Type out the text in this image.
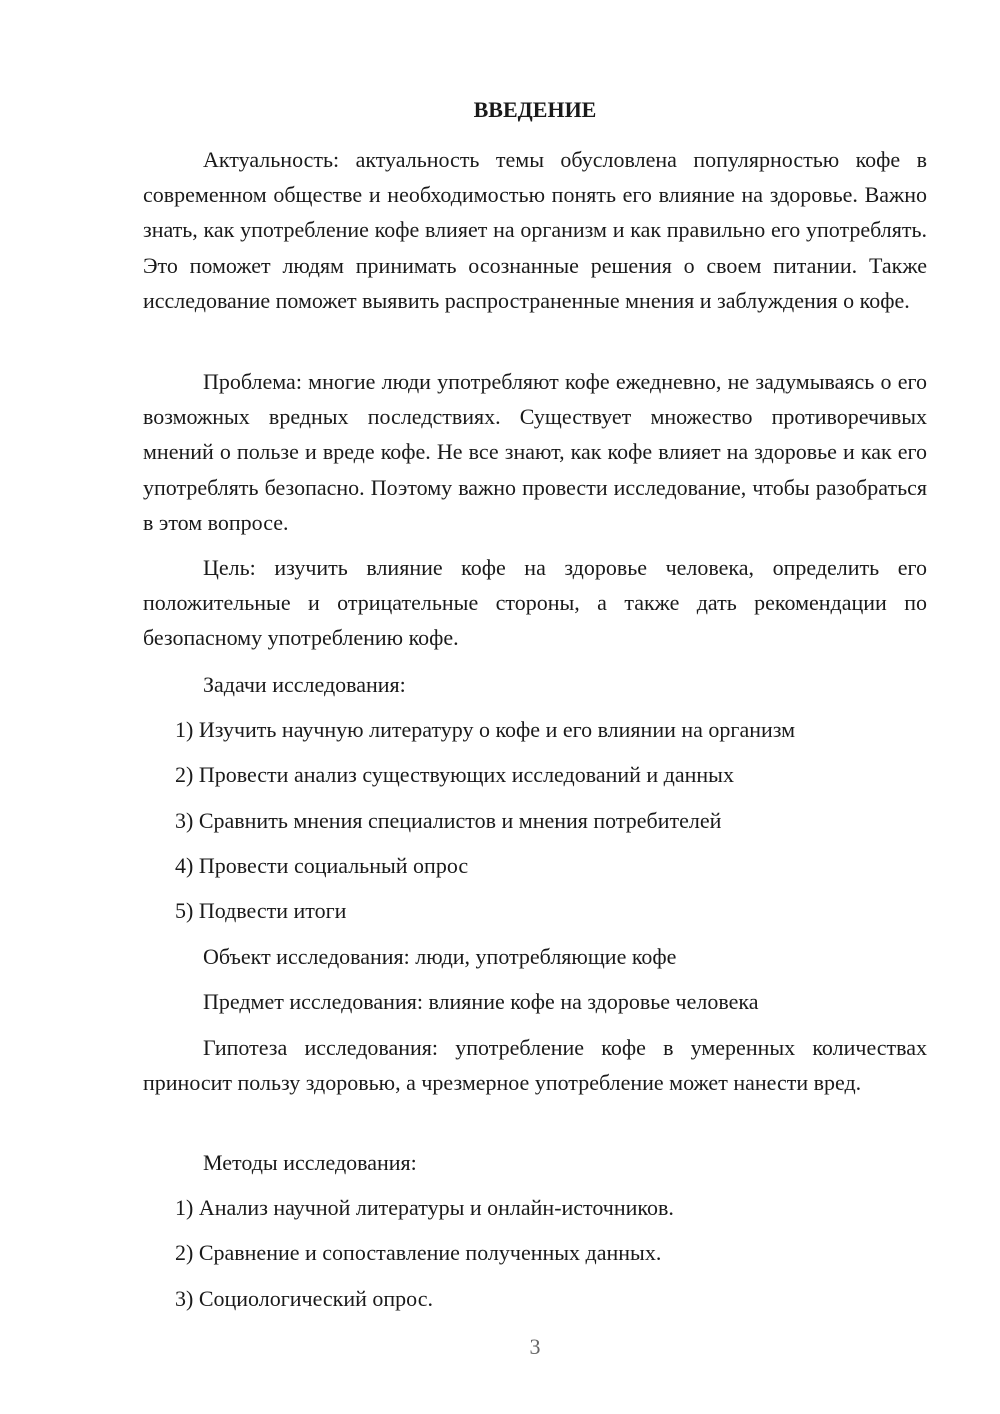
ВВЕДЕНИЕ

Актуальность: актуальность темы обусловлена популярностью кофе в современном обществе и необходимостью понять его влияние на здоровье. Важно знать, как употребление кофе влияет на организм и как правильно его употреблять. Это поможет людям принимать осознанные решения о своем питании. Также исследование поможет выявить распространенные мнения и заблуждения о кофе.

Проблема: многие люди употребляют кофе ежедневно, не задумываясь о его возможных вредных последствиях. Существует множество противоречивых мнений о пользе и вреде кофе. Не все знают, как кофе влияет на здоровье и как его употреблять безопасно. Поэтому важно провести исследование, чтобы разобраться в этом вопросе.

Цель: изучить влияние кофе на здоровье человека, определить его положительные и отрицательные стороны, а также дать рекомендации по безопасному употреблению кофе.

Задачи исследования:
1) Изучить научную литературу о кофе и его влиянии на организм
2) Провести анализ существующих исследований и данных
3) Сравнить мнения специалистов и мнения потребителей
4) Провести социальный опрос
5) Подвести итоги
Объект исследования: люди, употребляющие кофе
Предмет исследования: влияние кофе на здоровье человека

Гипотеза исследования: употребление кофе в умеренных количествах приносит пользу здоровью, а чрезмерное употребление может нанести вред.

Методы исследования:
1) Анализ научной литературы и онлайн-источников.
2) Сравнение и сопоставление полученных данных.
3) Социологический опрос.
3
